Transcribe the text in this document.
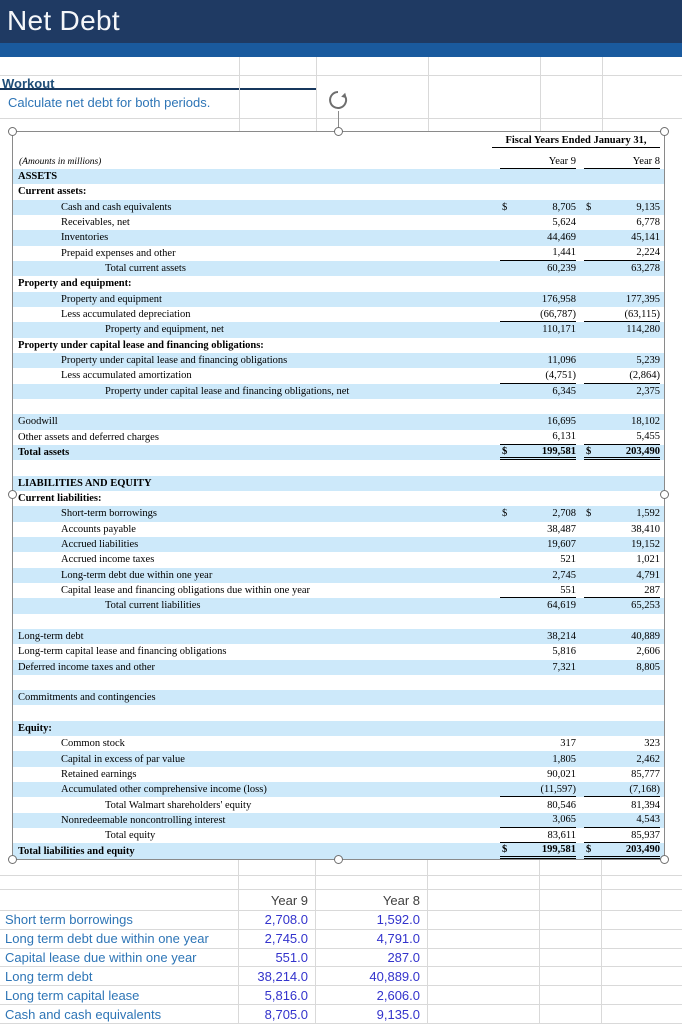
Net Debt
Workout
Calculate net debt for both periods.
Fiscal Years Ended January 31,
(Amounts in millions)	Year 9	Year 8
ASSETS
Current assets:
Cash and cash equivalents	$	8,705 $	9,135
Receivables, net	5,624	6,778
Inventories	44,469	45,141
Prepaid expenses and other	1,441	2,224
Total current assets	60,239	63,278
Property and equipment:
Property and equipment	176,958	177,395
Less accumulated depreciation	(66,787)	(63,115)
Property and equipment, net	110,171	114,280
Property under capital lease and financing obligations:
Property under capital lease and financing obligations	11,096	5,239
Less accumulated amortization	(4,751)	(2,864)
Property under capital lease and financing obligations, net	6,345	2,375
Goodwill	16,695	18,102
Other assets and deferred charges	6,131	5,455
Total assets	$	199,581 $	203,490
LIABILITIES AND EQUITY
Current liabilities:
Short-term borrowings	$	2,708 $	1,592
Accounts payable	38,487	38,410
Accrued liabilities	19,607	19,152
Accrued income taxes	521	1,021
Long-term debt due within one year	2,745	4,791
Capital lease and financing obligations due within one year	551	287
Total current liabilities	64,619	65,253
Long-term debt	38,214	40,889
Long-term capital lease and financing obligations	5,816	2,606
Deferred income taxes and other	7,321	8,805
Commitments and contingencies
Equity:
Common stock	317	323
Capital in excess of par value	1,805	2,462
Retained earnings	90,021	85,777
Accumulated other comprehensive income (loss)	(11,597)	(7,168)
Total Walmart shareholders' equity	80,546	81,394
Nonredeemable noncontrolling interest	3,065	4,543
Total equity	83,611	85,937
Total liabilities and equity	$	199,581 $	203,490
Year 9	Year 8
Short term borrowings	2,708.0	1,592.0
Long term debt due within one year	2,745.0	4,791.0
Capital lease due within one year	551.0	287.0
Long term debt	38,214.0	40,889.0
Long term capital lease	5,816.0	2,606.0
Cash and cash equivalents	8,705.0	9,135.0
